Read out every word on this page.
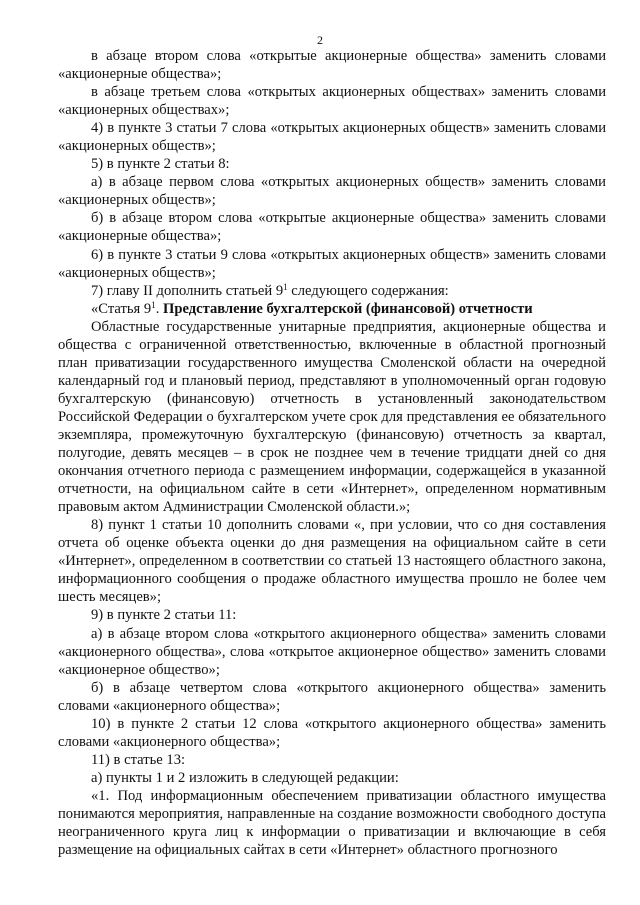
2

в абзаце втором слова «открытые акционерные общества» заменить словами «акционерные общества»;

в абзаце третьем слова «открытых акционерных обществах» заменить словами «акционерных обществах»;

4) в пункте 3 статьи 7 слова «открытых акционерных обществ» заменить словами «акционерных обществ»;

5) в пункте 2 статьи 8:

а) в абзаце первом слова «открытых акционерных обществ» заменить словами «акционерных обществ»;

б) в абзаце втором слова «открытые акционерные общества» заменить словами «акционерные общества»;

6) в пункте 3 статьи 9 слова «открытых акционерных обществ» заменить словами «акционерных обществ»;

7) главу II дополнить статьей $9^1$ следующего содержания:

«Статья $9^1$. Представление бухгалтерской (финансовой) отчетности

Областные государственные унитарные предприятия, акционерные общества и общества с ограниченной ответственностью, включенные в областной прогнозный план приватизации государственного имущества Смоленской области на очередной календарный год и плановый период, представляют в уполномоченный орган годовую бухгалтерскую (финансовую) отчетность в установленный законодательством Российской Федерации о бухгалтерском учете срок для представления ее обязательного экземпляра, промежуточную бухгалтерскую (финансовую) отчетность за квартал, полугодие, девять месяцев – в срок не позднее чем в течение тридцати дней со дня окончания отчетного периода с размещением информации, содержащейся в указанной отчетности, на официальном сайте в сети «Интернет», определенном нормативным правовым актом Администрации Смоленской области.»;

8) пункт 1 статьи 10 дополнить словами «, при условии, что со дня составления отчета об оценке объекта оценки до дня размещения на официальном сайте в сети «Интернет», определенном в соответствии со статьей 13 настоящего областного закона, информационного сообщения о продаже областного имущества прошло не более чем шесть месяцев»;

9) в пункте 2 статьи 11:

а) в абзаце втором слова «открытого акционерного общества» заменить словами «акционерного общества», слова «открытое акционерное общество» заменить словами «акционерное общество»;

б) в абзаце четвертом слова «открытого акционерного общества» заменить словами «акционерного общества»;

10) в пункте 2 статьи 12 слова «открытого акционерного общества» заменить словами «акционерного общества»;

11) в статье 13:

а) пункты 1 и 2 изложить в следующей редакции:

«1. Под информационным обеспечением приватизации областного имущества понимаются мероприятия, направленные на создание возможности свободного доступа неограниченного круга лиц к информации о приватизации и включающие в себя размещение на официальных сайтах в сети «Интернет» областного прогнозного
